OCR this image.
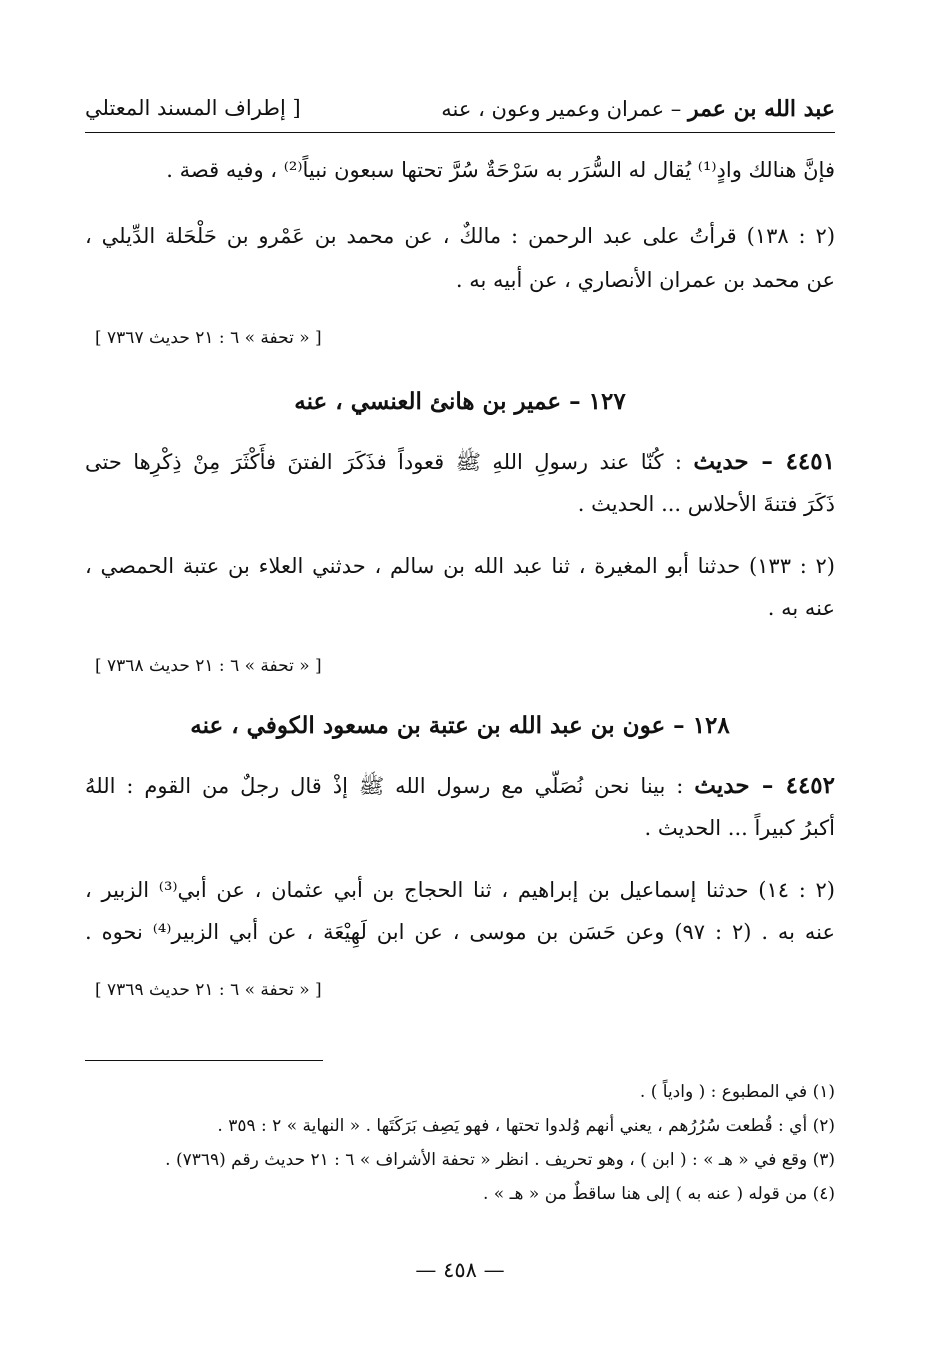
عبد الله بن عمر – عمران وعمير وعون ، عنه
[ إطراف المسند المعتلي
فإنَّ هنالك وادٍ⁽¹⁾ يُقال له السُّرَر به سَرْحَةٌ سُرَّ تحتها سبعون نبياً⁽²⁾ ، وفيه قصة .
(٢ : ١٣٨) قرأتُ على عبد الرحمن : مالكٌ ، عن محمد بن عَمْرو بن حَلْحَلة الدِّيلي ،
عن محمد بن عمران الأنصاري ، عن أبيه به .
[ « تحفة » ٦ : ٢١ حديث ٧٣٦٧ ]
١٢٧ – عمير بن هانئ العنسي ، عنه
٤٤٥١ – حديث : كُنّا عند رسولِ اللهِ ﷺ قعوداً فذَكَرَ الفتنَ فأَكْثَرَ مِنْ ذِكْرِها حتى
ذَكَرَ فتنةَ الأحلاس ... الحديث .
(٢ : ١٣٣) حدثنا أبو المغيرة ، ثنا عبد الله بن سالم ، حدثني العلاء بن عتبة الحمصي ،
عنه به .
[ « تحفة » ٦ : ٢١ حديث ٧٣٦٨ ]
١٢٨ – عون بن عبد الله بن عتبة بن مسعود الكوفي ، عنه
٤٤٥٢ – حديث : بينا نحن نُصَلّي مع رسول الله ﷺ إذْ قال رجلٌ من القوم : اللهُ
أكبرُ كبيراً ... الحديث .
(٢ : ١٤) حدثنا إسماعيل بن إبراهيم ، ثنا الحجاج بن أبي عثمان ، عن أبي⁽³⁾ الزبير ،
عنه به . (٢ : ٩٧) وعن حَسَن بن موسى ، عن ابن لَهِيْعَة ، عن أبي الزبير⁽⁴⁾ نحوه .
[ « تحفة » ٦ : ٢١ حديث ٧٣٦٩ ]
(١) في المطبوع : ( وادياً ) .
(٢) أي : قُطعت سُرُرُهم ، يعني أنهم وُلدوا تحتها ، فهو يَصِف بَرَكَتَها . « النهاية » ٢ : ٣٥٩ .
(٣) وقع في « هـ » : ( ابن ) ، وهو تحريف . انظر « تحفة الأشراف » ٦ : ٢١ حديث رقم (٧٣٦٩) .
(٤) من قوله ( عنه به ) إلى هنا ساقطٌ من « هـ » .
— ٤٥٨ —
